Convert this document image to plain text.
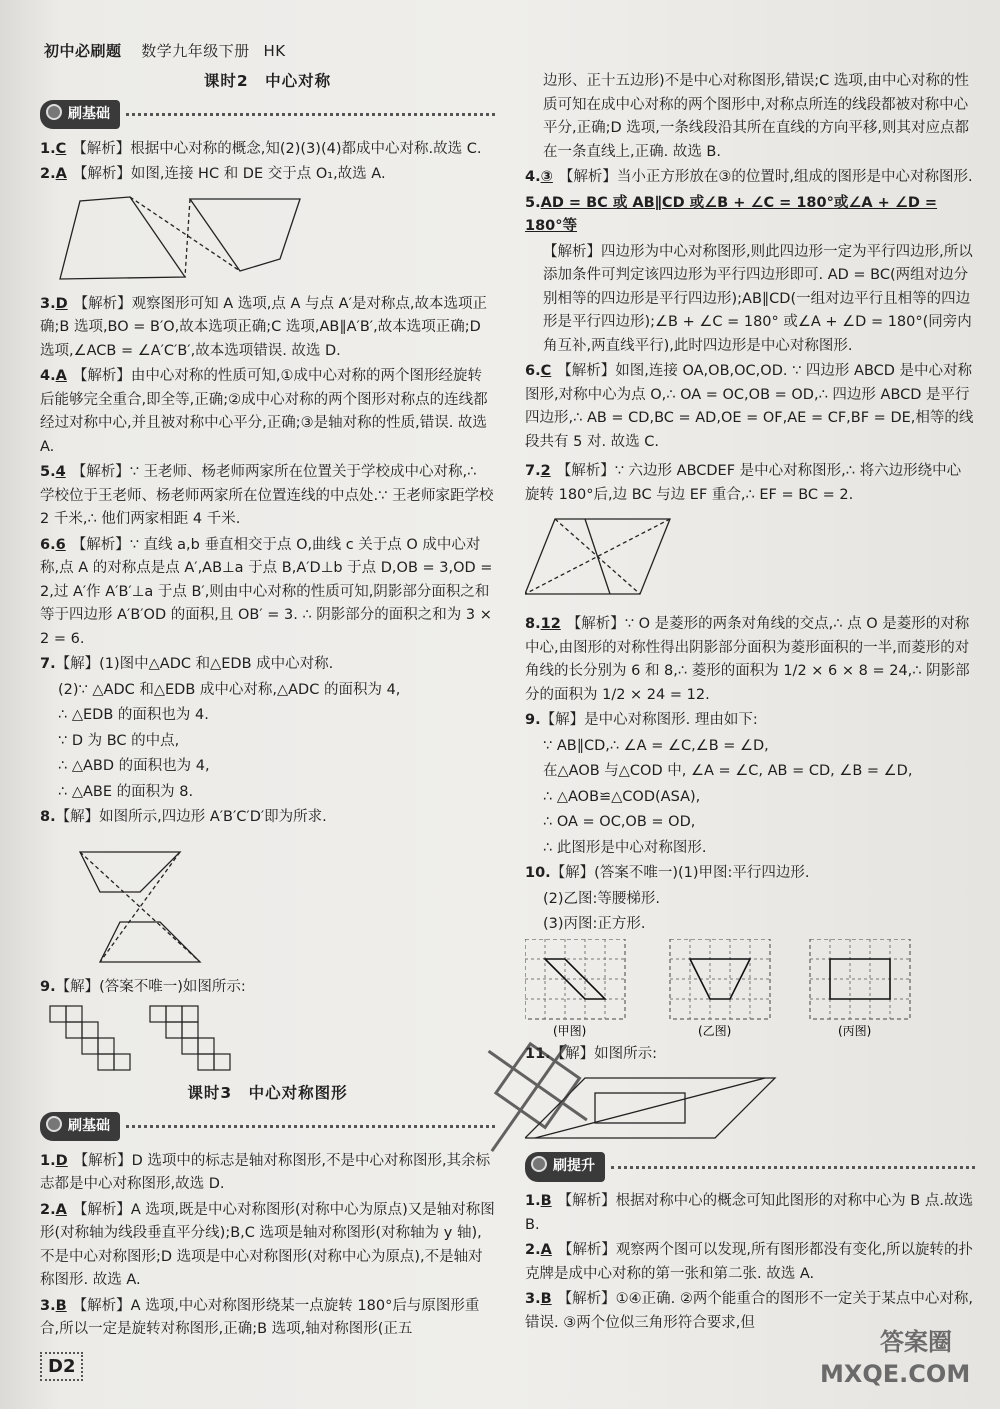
初中必刷题 数学九年级下册 HK
课时2　中心对称
刷基础
1.C 【解析】根据中心对称的概念,知(2)(3)(4)都成中心对称.故选 C.
2.A 【解析】如图,连接 HC 和 DE 交于点 O₁,故选 A.
3.D 【解析】观察图形可知 A 选项,点 A 与点 A′是对称点,故本选项正确;B 选项,BO = B′O,故本选项正确;C 选项,AB∥A′B′,故本选项正确;D 选项,∠ACB = ∠A′C′B′,故本选项错误. 故选 D.
4.A 【解析】由中心对称的性质可知,①成中心对称的两个图形经旋转后能够完全重合,即全等,正确;②成中心对称的两个图形对称点的连线都经过对称中心,并且被对称中心平分,正确;③是轴对称的性质,错误. 故选 A.
5.4 【解析】∵ 王老师、杨老师两家所在位置关于学校成中心对称,∴ 学校位于王老师、杨老师两家所在位置连线的中点处.∵ 王老师家距学校 2 千米,∴ 他们两家相距 4 千米.
6.6 【解析】∵ 直线 a,b 垂直相交于点 O,曲线 c 关于点 O 成中心对称,点 A 的对称点是点 A′,AB⊥a 于点 B,A′D⊥b 于点 D,OB = 3,OD = 2,过 A′作 A′B′⊥a 于点 B′,则由中心对称的性质可知,阴影部分面积之和等于四边形 A′B′OD 的面积,且 OB′ = 3. ∴ 阴影部分的面积之和为 3 × 2 = 6.
7.【解】(1)图中△ADC 和△EDB 成中心对称.
(2)∵ △ADC 和△EDB 成中心对称,△ADC 的面积为 4,
∴ △EDB 的面积也为 4.
∵ D 为 BC 的中点,
∴ △ABD 的面积也为 4,
∴ △ABE 的面积为 8.
8.【解】如图所示,四边形 A′B′C′D′即为所求.
9.【解】(答案不唯一)如图所示:
课时3　中心对称图形
刷基础
1.D 【解析】D 选项中的标志是轴对称图形,不是中心对称图形,其余标志都是中心对称图形,故选 D.
2.A 【解析】A 选项,既是中心对称图形(对称中心为原点)又是轴对称图形(对称轴为线段垂直平分线);B,C 选项是轴对称图形(对称轴为 y 轴),不是中心对称图形;D 选项是中心对称图形(对称中心为原点),不是轴对称图形. 故选 A.
3.B 【解析】A 选项,中心对称图形绕某一点旋转 180°后与原图形重合,所以一定是旋转对称图形,正确;B 选项,轴对称图形(正五
边形、正十五边形)不是中心对称图形,错误;C 选项,由中心对称的性质可知在成中心对称的两个图形中,对称点所连的线段都被对称中心平分,正确;D 选项,一条线段沿其所在直线的方向平移,则其对应点都在一条直线上,正确. 故选 B.
4.③ 【解析】当小正方形放在③的位置时,组成的图形是中心对称图形.
5.AD = BC 或 AB∥CD 或∠B + ∠C = 180°或∠A + ∠D = 180°等
【解析】四边形为中心对称图形,则此四边形一定为平行四边形,所以添加条件可判定该四边形为平行四边形即可. AD = BC(两组对边分别相等的四边形是平行四边形);AB∥CD(一组对边平行且相等的四边形是平行四边形);∠B + ∠C = 180° 或∠A + ∠D = 180°(同旁内角互补,两直线平行),此时四边形是中心对称图形.
6.C 【解析】如图,连接 OA,OB,OC,OD. ∵ 四边形 ABCD 是中心对称图形,对称中心为点 O,∴ OA = OC,OB = OD,∴ 四边形 ABCD 是平行四边形,∴ AB = CD,BC = AD,OE = OF,AE = CF,BF = DE,相等的线段共有 5 对. 故选 C.
7.2 【解析】∵ 六边形 ABCDEF 是中心对称图形,∴ 将六边形绕中心旋转 180°后,边 BC 与边 EF 重合,∴ EF = BC = 2.
8.12 【解析】∵ O 是菱形的两条对角线的交点,∴ 点 O 是菱形的对称中心,由图形的对称性得出阴影部分面积为菱形面积的一半,而菱形的对角线的长分别为 6 和 8,∴ 菱形的面积为 1/2 × 6 × 8 = 24,∴ 阴影部分的面积为 1/2 × 24 = 12.
9.【解】是中心对称图形. 理由如下:
∵ AB∥CD,∴ ∠A = ∠C,∠B = ∠D,
在△AOB 与△COD 中, ∠A = ∠C, AB = CD, ∠B = ∠D,
∴ △AOB≌△COD(ASA),
∴ OA = OC,OB = OD,
∴ 此图形是中心对称图形.
10.【解】(答案不唯一)(1)甲图:平行四边形.
(2)乙图:等腰梯形.
(3)丙图:正方形.
(甲图)	(乙图)	(丙图)
11.【解】如图所示:
刷提升
1.B 【解析】根据对称中心的概念可知此图形的对称中心为 B 点.故选 B.
2.A 【解析】观察两个图可以发现,所有图形都没有变化,所以旋转的扑克牌是成中心对称的第一张和第二张. 故选 A.
3.B 【解析】①④正确. ②两个能重合的图形不一定关于某点中心对称,错误. ③两个位似三角形符合要求,但
D2
答案圈
MXQE.COM
